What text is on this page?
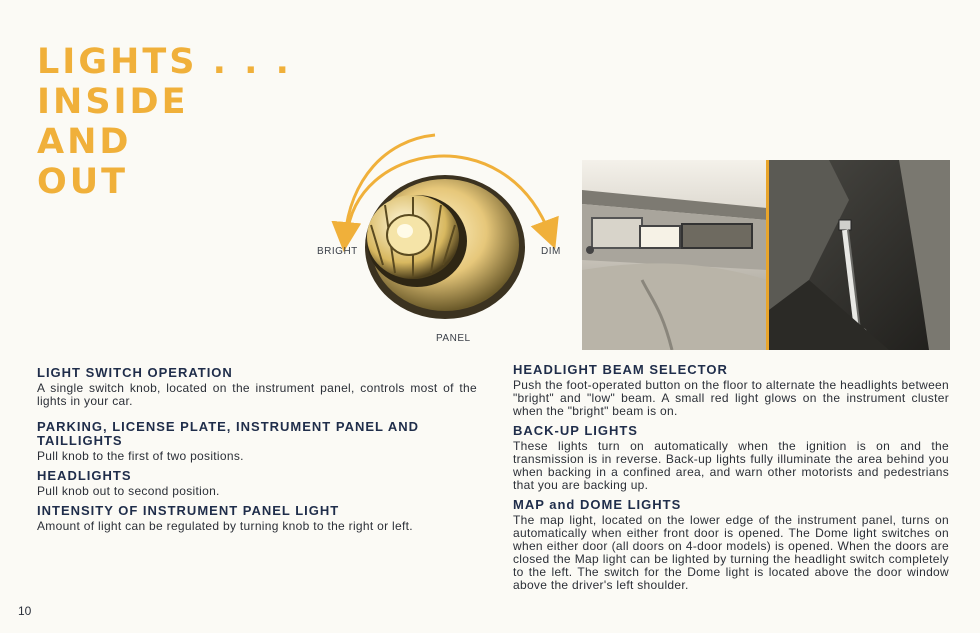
LIGHTS . . .
INSIDE
AND
OUT
BRIGHT	DIM
PANEL

LIGHT SWITCH OPERATION

A single switch knob, located on the instrument panel, controls most of the lights in your car.

PARKING, LICENSE PLATE, INSTRUMENT PANEL AND TAILLIGHTS

Pull knob to the first of two positions.

HEADLIGHTS

Pull knob out to second position.

INTENSITY OF INSTRUMENT PANEL LIGHT

Amount of light can be regulated by turning knob to the right or left.

HEADLIGHT BEAM SELECTOR

Push the foot-operated button on the floor to alternate the headlights between "bright" and "low" beam. A small red light glows on the instrument cluster when the "bright" beam is on.

BACK-UP LIGHTS

These lights turn on automatically when the ignition is on and the transmission is in reverse. Back-up lights fully illuminate the area behind you when backing in a confined area, and warn other motorists and pedestrians that you are backing up.

MAP and DOME LIGHTS

The map light, located on the lower edge of the instrument panel, turns on automatically when either front door is opened. The Dome light switches on when either door (all doors on 4-door models) is opened. When the doors are closed the Map light can be lighted by turning the headlight switch completely to the left. The switch for the Dome light is located above the door window above the driver's left shoulder.

10
